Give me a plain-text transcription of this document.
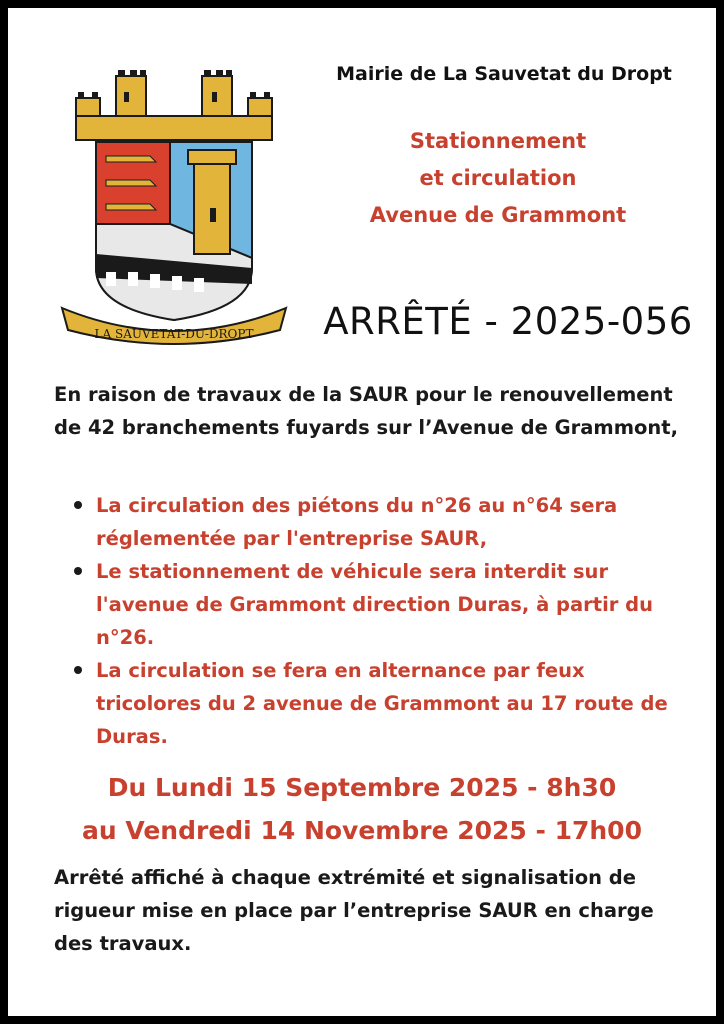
LA SAUVETAT-DU-DROPT
Mairie de La Sauvetat du Dropt
Stationnement
et circulation
Avenue de Grammont
ARRÊTÉ - 2025-056
En raison de travaux de la SAUR pour le renouvellement de 42 branchements fuyards sur l’Avenue de Grammont,
La circulation des piétons du n°26 au n°64 sera réglementée par l'entreprise SAUR,
Le stationnement de véhicule sera interdit sur l'avenue de Grammont direction Duras, à partir du n°26.
La circulation se fera en alternance par feux tricolores du 2 avenue de Grammont au 17 route de Duras.
Du Lundi 15 Septembre 2025 - 8h30
au Vendredi 14 Novembre 2025 - 17h00
Arrêté affiché à chaque extrémité et signalisation de rigueur mise en place par l’entreprise SAUR en charge des travaux.
